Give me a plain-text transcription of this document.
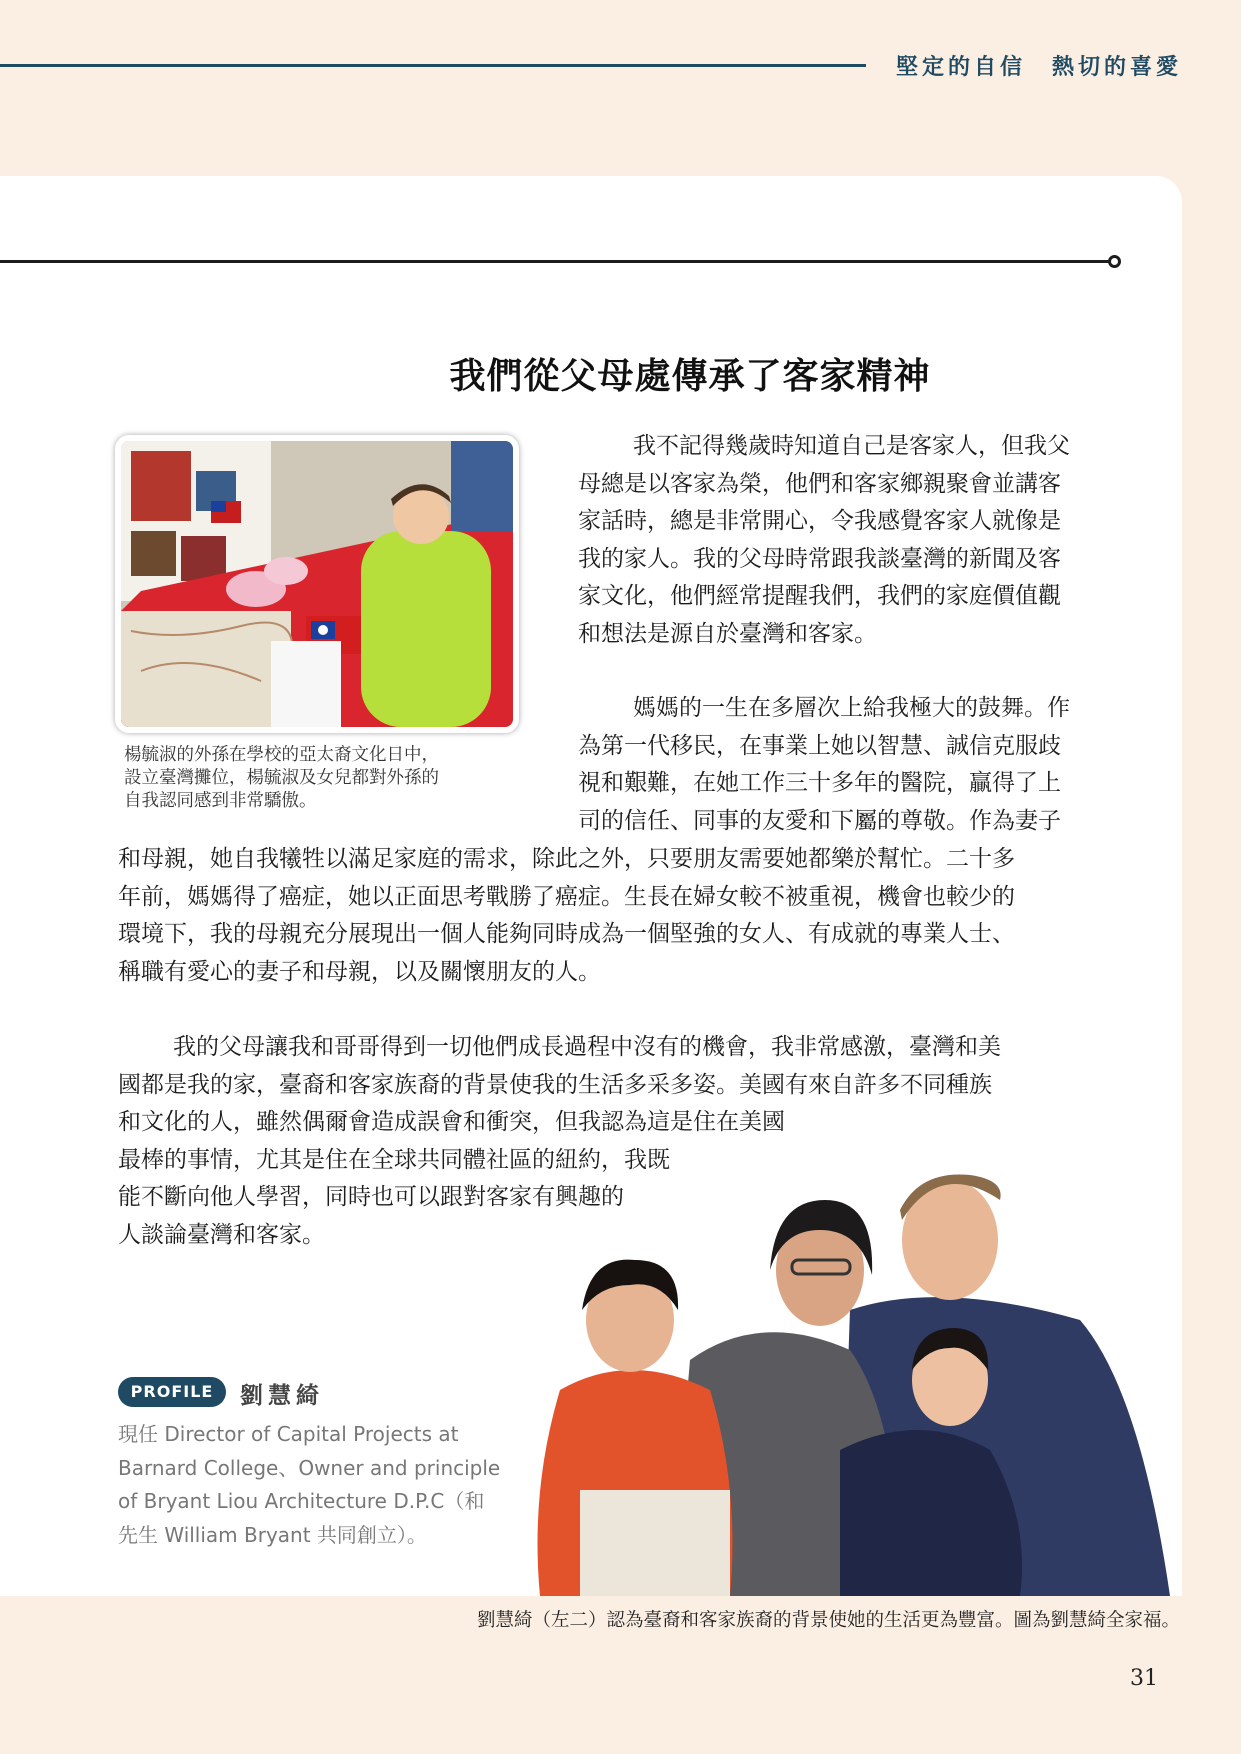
堅定的自信　熱切的喜愛
我們從父母處傳承了客家精神
楊毓淑的外孫在學校的亞太裔文化日中，
設立臺灣攤位，楊毓淑及女兒都對外孫的
自我認同感到非常驕傲。
我不記得幾歲時知道自己是客家人，但我父
母總是以客家為榮，他們和客家鄉親聚會並講客
家話時，總是非常開心，令我感覺客家人就像是
我的家人。我的父母時常跟我談臺灣的新聞及客
家文化，他們經常提醒我們，我們的家庭價值觀
和想法是源自於臺灣和客家。
媽媽的一生在多層次上給我極大的鼓舞。作
為第一代移民，在事業上她以智慧、誠信克服歧
視和艱難，在她工作三十多年的醫院，贏得了上
司的信任、同事的友愛和下屬的尊敬。作為妻子
和母親，她自我犧牲以滿足家庭的需求，除此之外，只要朋友需要她都樂於幫忙。二十多
年前，媽媽得了癌症，她以正面思考戰勝了癌症。生長在婦女較不被重視，機會也較少的
環境下，我的母親充分展現出一個人能夠同時成為一個堅強的女人、有成就的專業人士、
稱職有愛心的妻子和母親，以及關懷朋友的人。
我的父母讓我和哥哥得到一切他們成長過程中沒有的機會，我非常感激，臺灣和美
國都是我的家，臺裔和客家族裔的背景使我的生活多采多姿。美國有來自許多不同種族
和文化的人，雖然偶爾會造成誤會和衝突，但我認為這是住在美國
最棒的事情，尤其是住在全球共同體社區的紐約，我既
能不斷向他人學習，同時也可以跟對客家有興趣的
人談論臺灣和客家。
PROFILE	劉慧綺
現任 Director of Capital Projects at
Barnard College、Owner and principle
of Bryant Liou Architecture D.P.C（和
先生 William Bryant 共同創立）。
劉慧綺（左二）認為臺裔和客家族裔的背景使她的生活更為豐富。圖為劉慧綺全家福。
31
